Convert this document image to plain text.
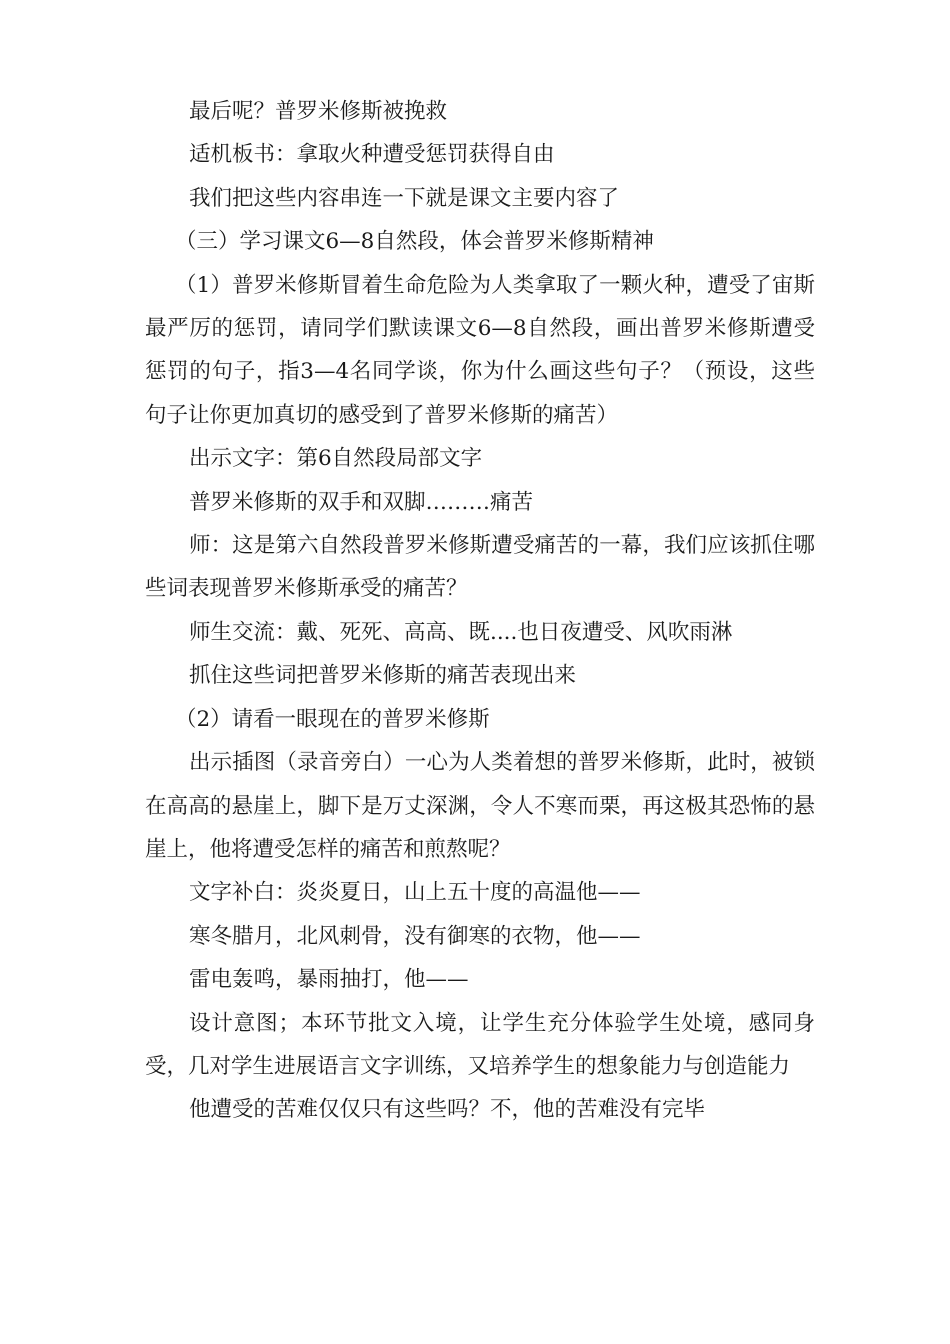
最后呢？普罗米修斯被挽救

适机板书：拿取火种遭受惩罚获得自由

我们把这些内容串连一下就是课文主要内容了

（三）学习课文6—8自然段，体会普罗米修斯精神

（1）普罗米修斯冒着生命危险为人类拿取了一颗火种，遭受了宙斯最严厉的惩罚，请同学们默读课文6—8自然段，画出普罗米修斯遭受惩罚的句子，指3—4名同学谈，你为什么画这些句子？（预设，这些句子让你更加真切的感受到了普罗米修斯的痛苦）

出示文字：第6自然段局部文字

普罗米修斯的双手和双脚………痛苦

师：这是第六自然段普罗米修斯遭受痛苦的一幕，我们应该抓住哪些词表现普罗米修斯承受的痛苦？

师生交流：戴、死死、高高、既....也日夜遭受、风吹雨淋

抓住这些词把普罗米修斯的痛苦表现出来

（2）请看一眼现在的普罗米修斯

出示插图（录音旁白）一心为人类着想的普罗米修斯，此时，被锁在高高的悬崖上，脚下是万丈深渊，令人不寒而栗，再这极其恐怖的悬崖上，他将遭受怎样的痛苦和煎熬呢？

文字补白：炎炎夏日，山上五十度的高温他——

寒冬腊月，北风刺骨，没有御寒的衣物，他——

雷电轰鸣，暴雨抽打，他——

设计意图；本环节批文入境，让学生充分体验学生处境，感同身受，几对学生进展语言文字训练，又培养学生的想象能力与创造能力

他遭受的苦难仅仅只有这些吗？不，他的苦难没有完毕
